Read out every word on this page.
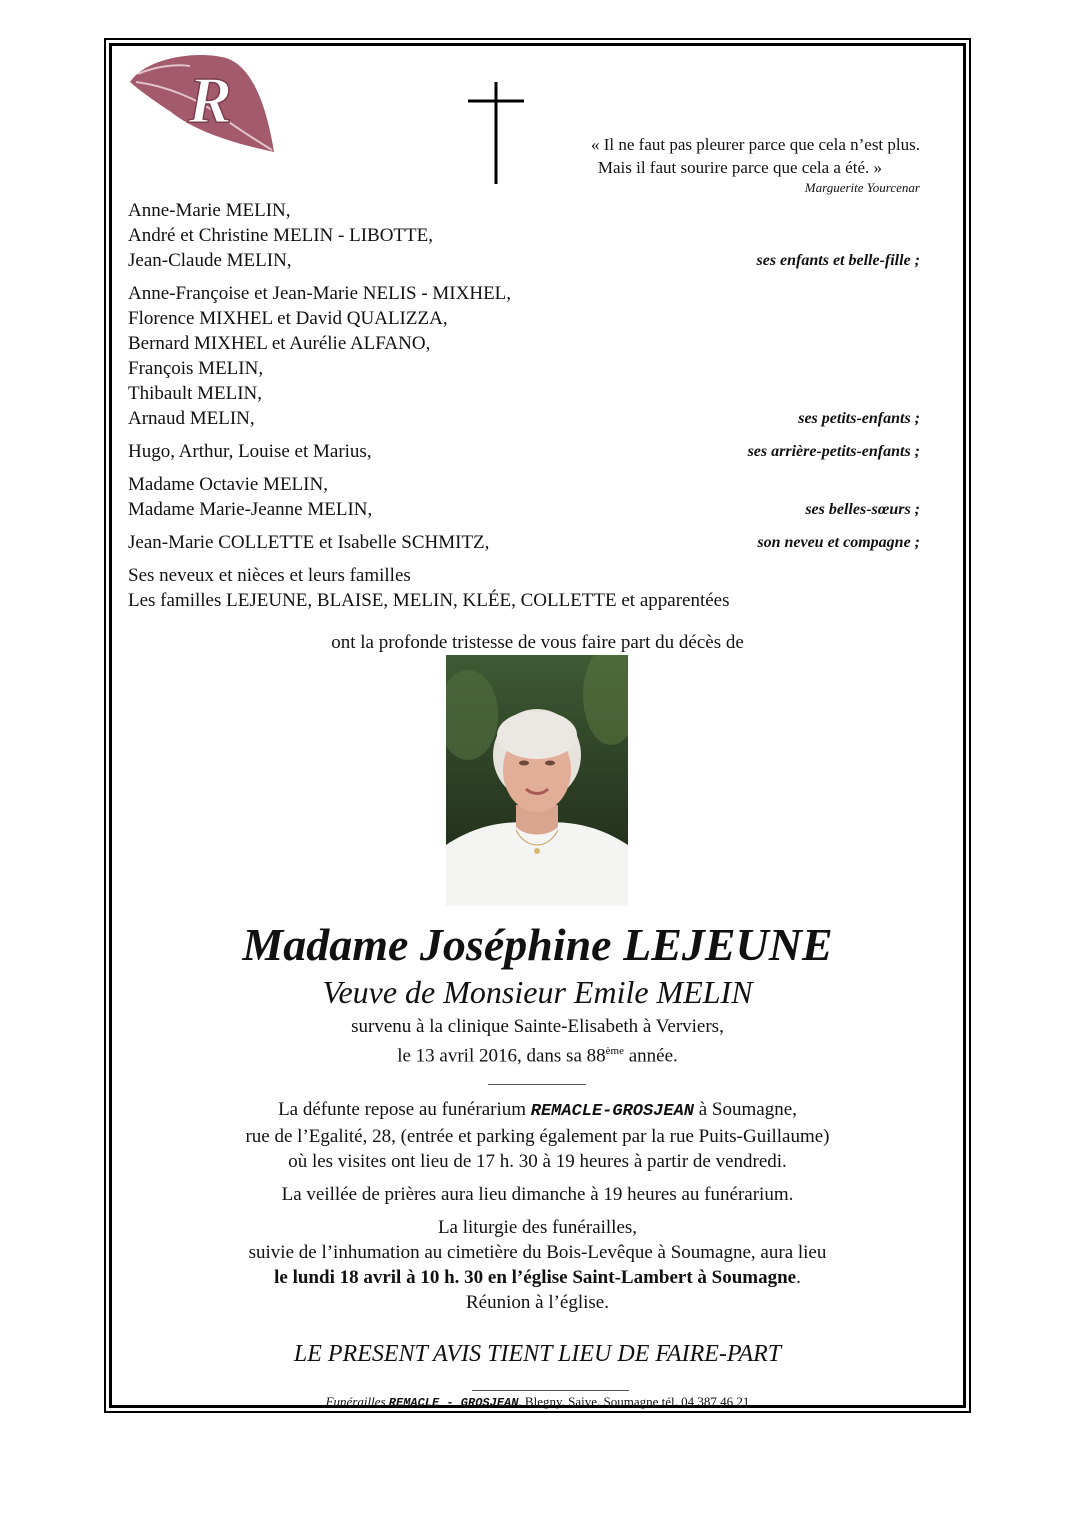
R
« Il ne faut pas pleurer parce que cela n’est plus.
Mais il faut sourire parce que cela a été. »
Marguerite Yourcenar
Anne-Marie MELIN,
André et Christine MELIN - LIBOTTE,
Jean-Claude MELIN,	ses enfants et belle-fille ;
Anne-Françoise et Jean-Marie NELIS - MIXHEL,
Florence MIXHEL et David QUALIZZA,
Bernard MIXHEL et Aurélie ALFANO,
François MELIN,
Thibault MELIN,
Arnaud MELIN,	ses petits-enfants ;
Hugo, Arthur, Louise et Marius,	ses arrière-petits-enfants ;
Madame Octavie MELIN,
Madame Marie-Jeanne MELIN,	ses belles-sœurs ;
Jean-Marie COLLETTE et Isabelle SCHMITZ,	son neveu et compagne ;
Ses neveux et nièces et leurs familles
Les familles LEJEUNE, BLAISE, MELIN, KLÉE, COLLETTE et apparentées
ont la profonde tristesse de vous faire part du décès de
Madame Joséphine LEJEUNE
Veuve de Monsieur Emile MELIN
survenu à la clinique Sainte-Elisabeth à Verviers,
le 13 avril 2016, dans sa 88ème année.

La défunte repose au funérarium REMACLE-GROSJEAN à Soumagne,
rue de l’Egalité, 28, (entrée et parking également par la rue Puits-Guillaume)
où les visites ont lieu de 17 h. 30 à 19 heures à partir de vendredi.

La veillée de prières aura lieu dimanche à 19 heures au funérarium.

La liturgie des funérailles,
suivie de l’inhumation au cimetière du Bois-Levêque à Soumagne, aura lieu
le lundi 18 avril à 10 h. 30 en l’église Saint-Lambert à Soumagne.
Réunion à l’église.

LE PRESENT AVIS TIENT LIEU DE FAIRE-PART
Funérailles REMACLE - GROSJEAN, Blegny, Saive, Soumagne tél. 04 387 46 21
